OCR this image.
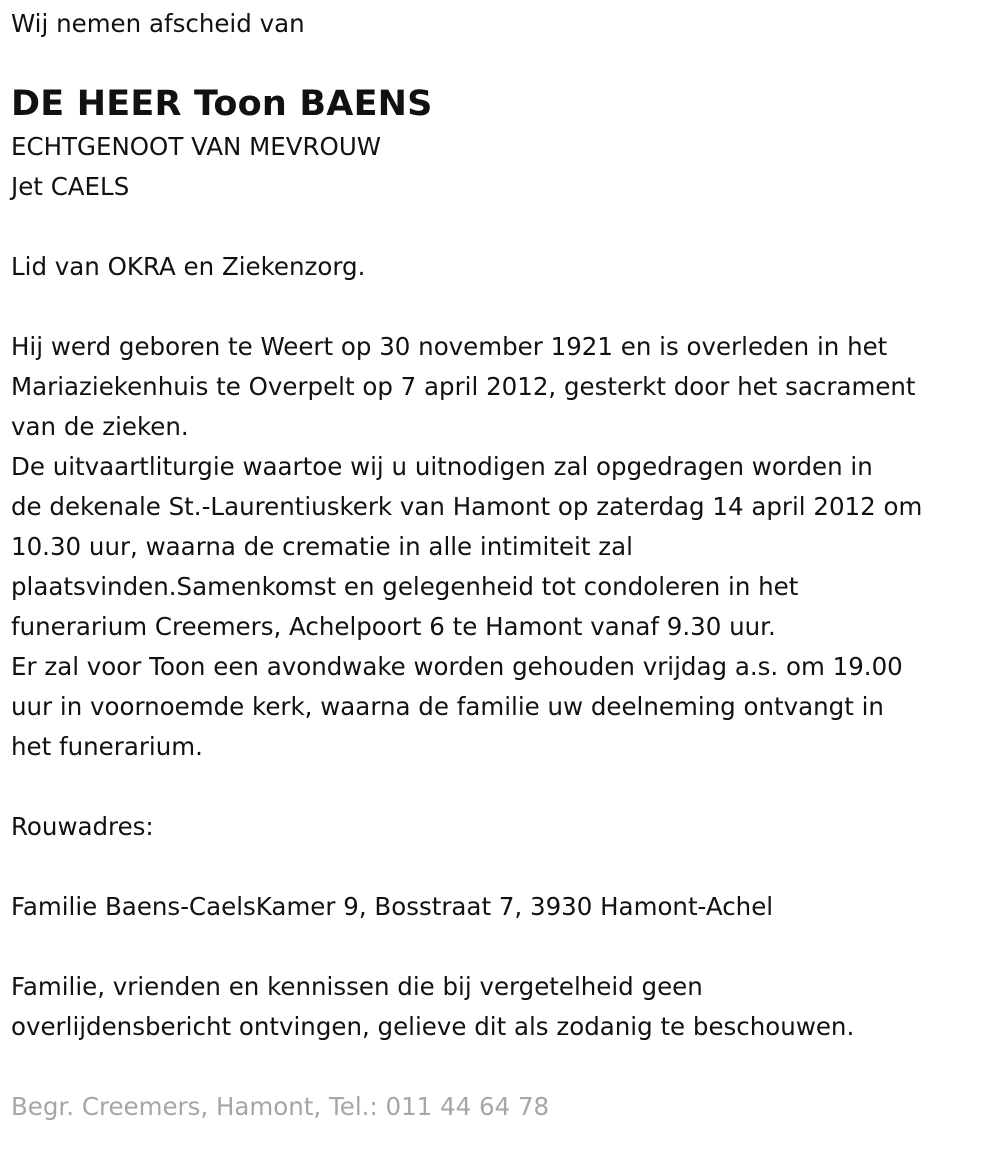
Wij nemen afscheid van

DE HEER Toon BAENS

ECHTGENOOT VAN MEVROUW

Jet CAELS

Lid van OKRA en Ziekenzorg.

Hij werd geboren te Weert op 30 november 1921 en is overleden in het

Mariaziekenhuis te Overpelt op 7 april 2012, gesterkt door het sacrament

van de zieken.

De uitvaartliturgie waartoe wij u uitnodigen zal opgedragen worden in

de dekenale St.-Laurentiuskerk van Hamont op zaterdag 14 april 2012 om

10.30 uur, waarna de crematie in alle intimiteit zal

plaatsvinden.Samenkomst en gelegenheid tot condoleren in het

funerarium Creemers, Achelpoort 6 te Hamont vanaf 9.30 uur.

Er zal voor Toon een avondwake worden gehouden vrijdag a.s. om 19.00

uur in voornoemde kerk, waarna de familie uw deelneming ontvangt in

het funerarium.

Rouwadres:

Familie Baens-CaelsKamer 9, Bosstraat 7, 3930 Hamont-Achel

Familie, vrienden en kennissen die bij vergetelheid geen

overlijdensbericht ontvingen, gelieve dit als zodanig te beschouwen.

Begr. Creemers, Hamont, Tel.: 011 44 64 78
